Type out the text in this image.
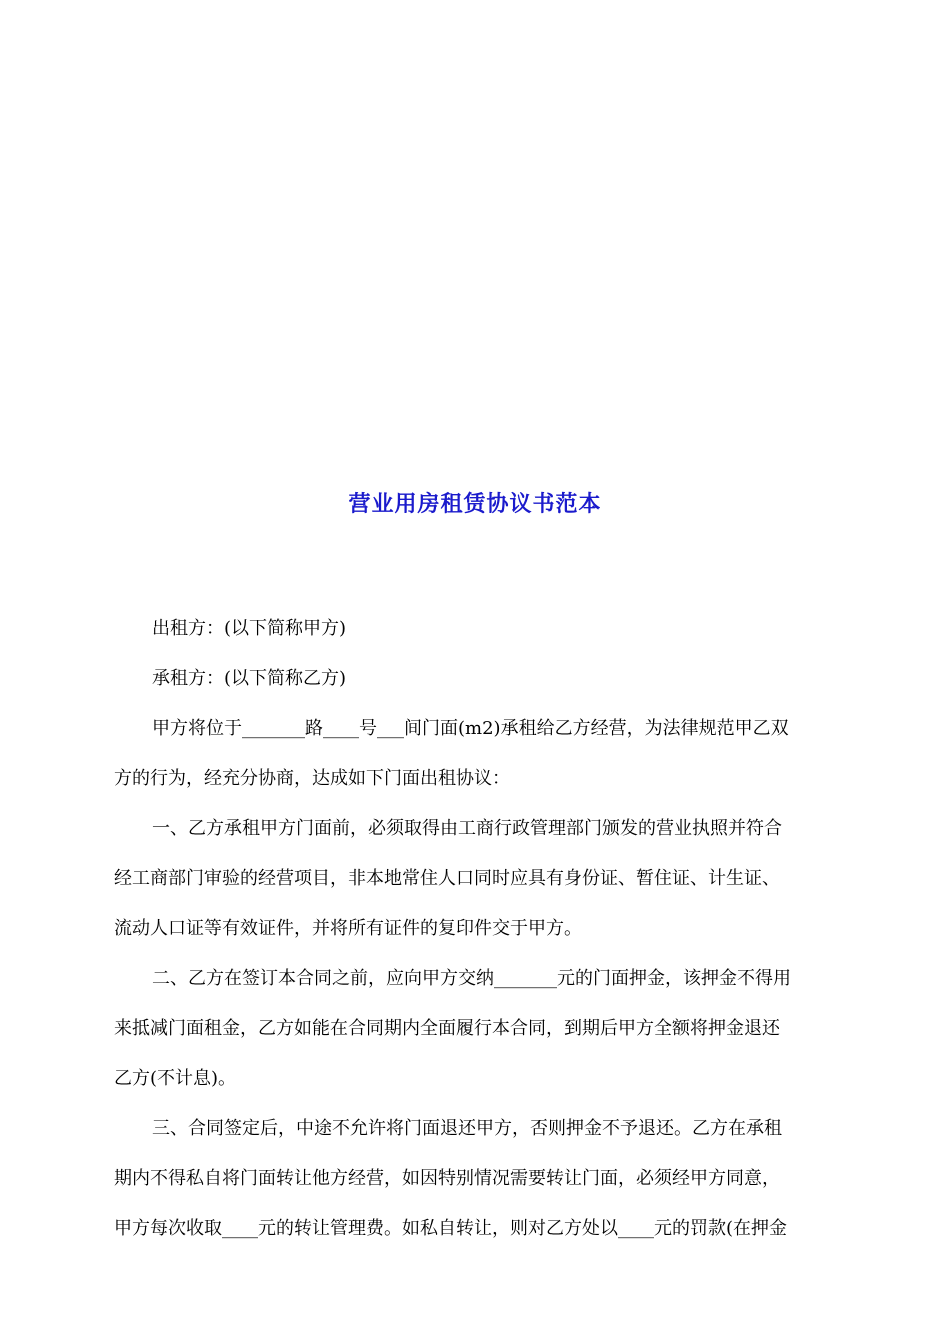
营业用房租赁协议书范本
出租方：(以下简称甲方)
承租方：(以下简称乙方)
甲方将位于_______路____号___间门面(m2)承租给乙方经营，为法律规范甲乙双
方的行为，经充分协商，达成如下门面出租协议：
一、乙方承租甲方门面前，必须取得由工商行政管理部门颁发的营业执照并符合
经工商部门审验的经营项目，非本地常住人口同时应具有身份证、暂住证、计生证、
流动人口证等有效证件，并将所有证件的复印件交于甲方。
二、乙方在签订本合同之前，应向甲方交纳_______元的门面押金，该押金不得用
来抵减门面租金，乙方如能在合同期内全面履行本合同，到期后甲方全额将押金退还
乙方(不计息)。
三、合同签定后，中途不允许将门面退还甲方，否则押金不予退还。乙方在承租
期内不得私自将门面转让他方经营，如因特别情况需要转让门面，必须经甲方同意，
甲方每次收取____元的转让管理费。如私自转让，则对乙方处以____元的罚款(在押金
